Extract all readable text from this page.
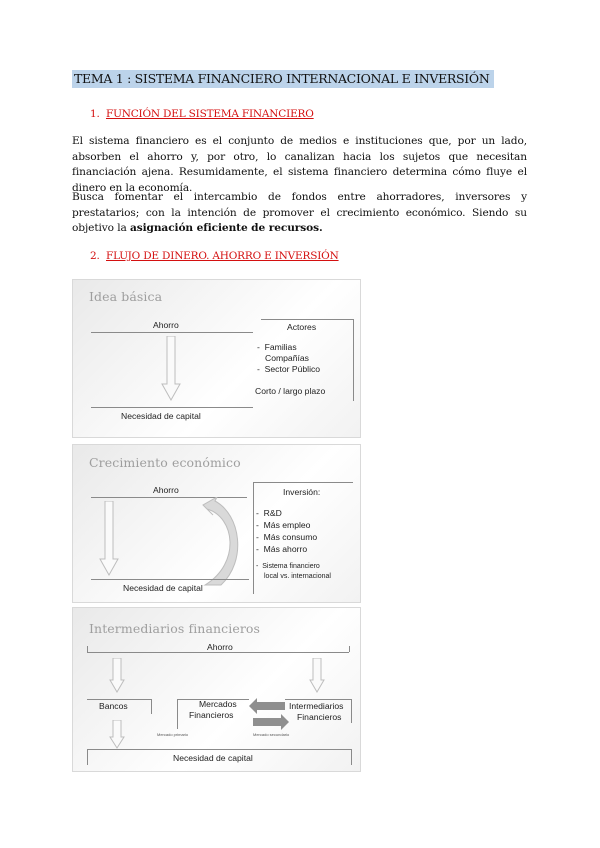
TEMA 1 : SISTEMA FINANCIERO INTERNACIONAL E INVERSIÓN
1. FUNCIÓN DEL SISTEMA FINANCIERO
El sistema financiero es el conjunto de medios e instituciones que, por un lado, absorben el ahorro y, por otro, lo canalizan hacia los sujetos que necesitan financiación ajena. Resumidamente, el sistema financiero determina cómo fluye el dinero en la economía.
Busca fomentar el intercambio de fondos entre ahorradores, inversores y prestatarios; con la intención de promover el crecimiento económico. Siendo su objetivo la asignación eficiente de recursos.
2. FLUJO DE DINERO. AHORRO E INVERSIÓN
Idea básica
Ahorro
Necesidad de capital
Actores
-  Familias
Compañías
-  Sector Público
Corto / largo plazo
Crecimiento económico
Ahorro
Necesidad de capital
Inversión:
-  R&D
-  Más empleo
-  Más consumo
-  Más ahorro
-  Sistema financiero
local vs. internacional
Intermediarios financieros
Ahorro
Bancos	Mercados
Financieros
Intermediarios
Financieros
Mercado primario	Mercado secundario
Necesidad de capital
